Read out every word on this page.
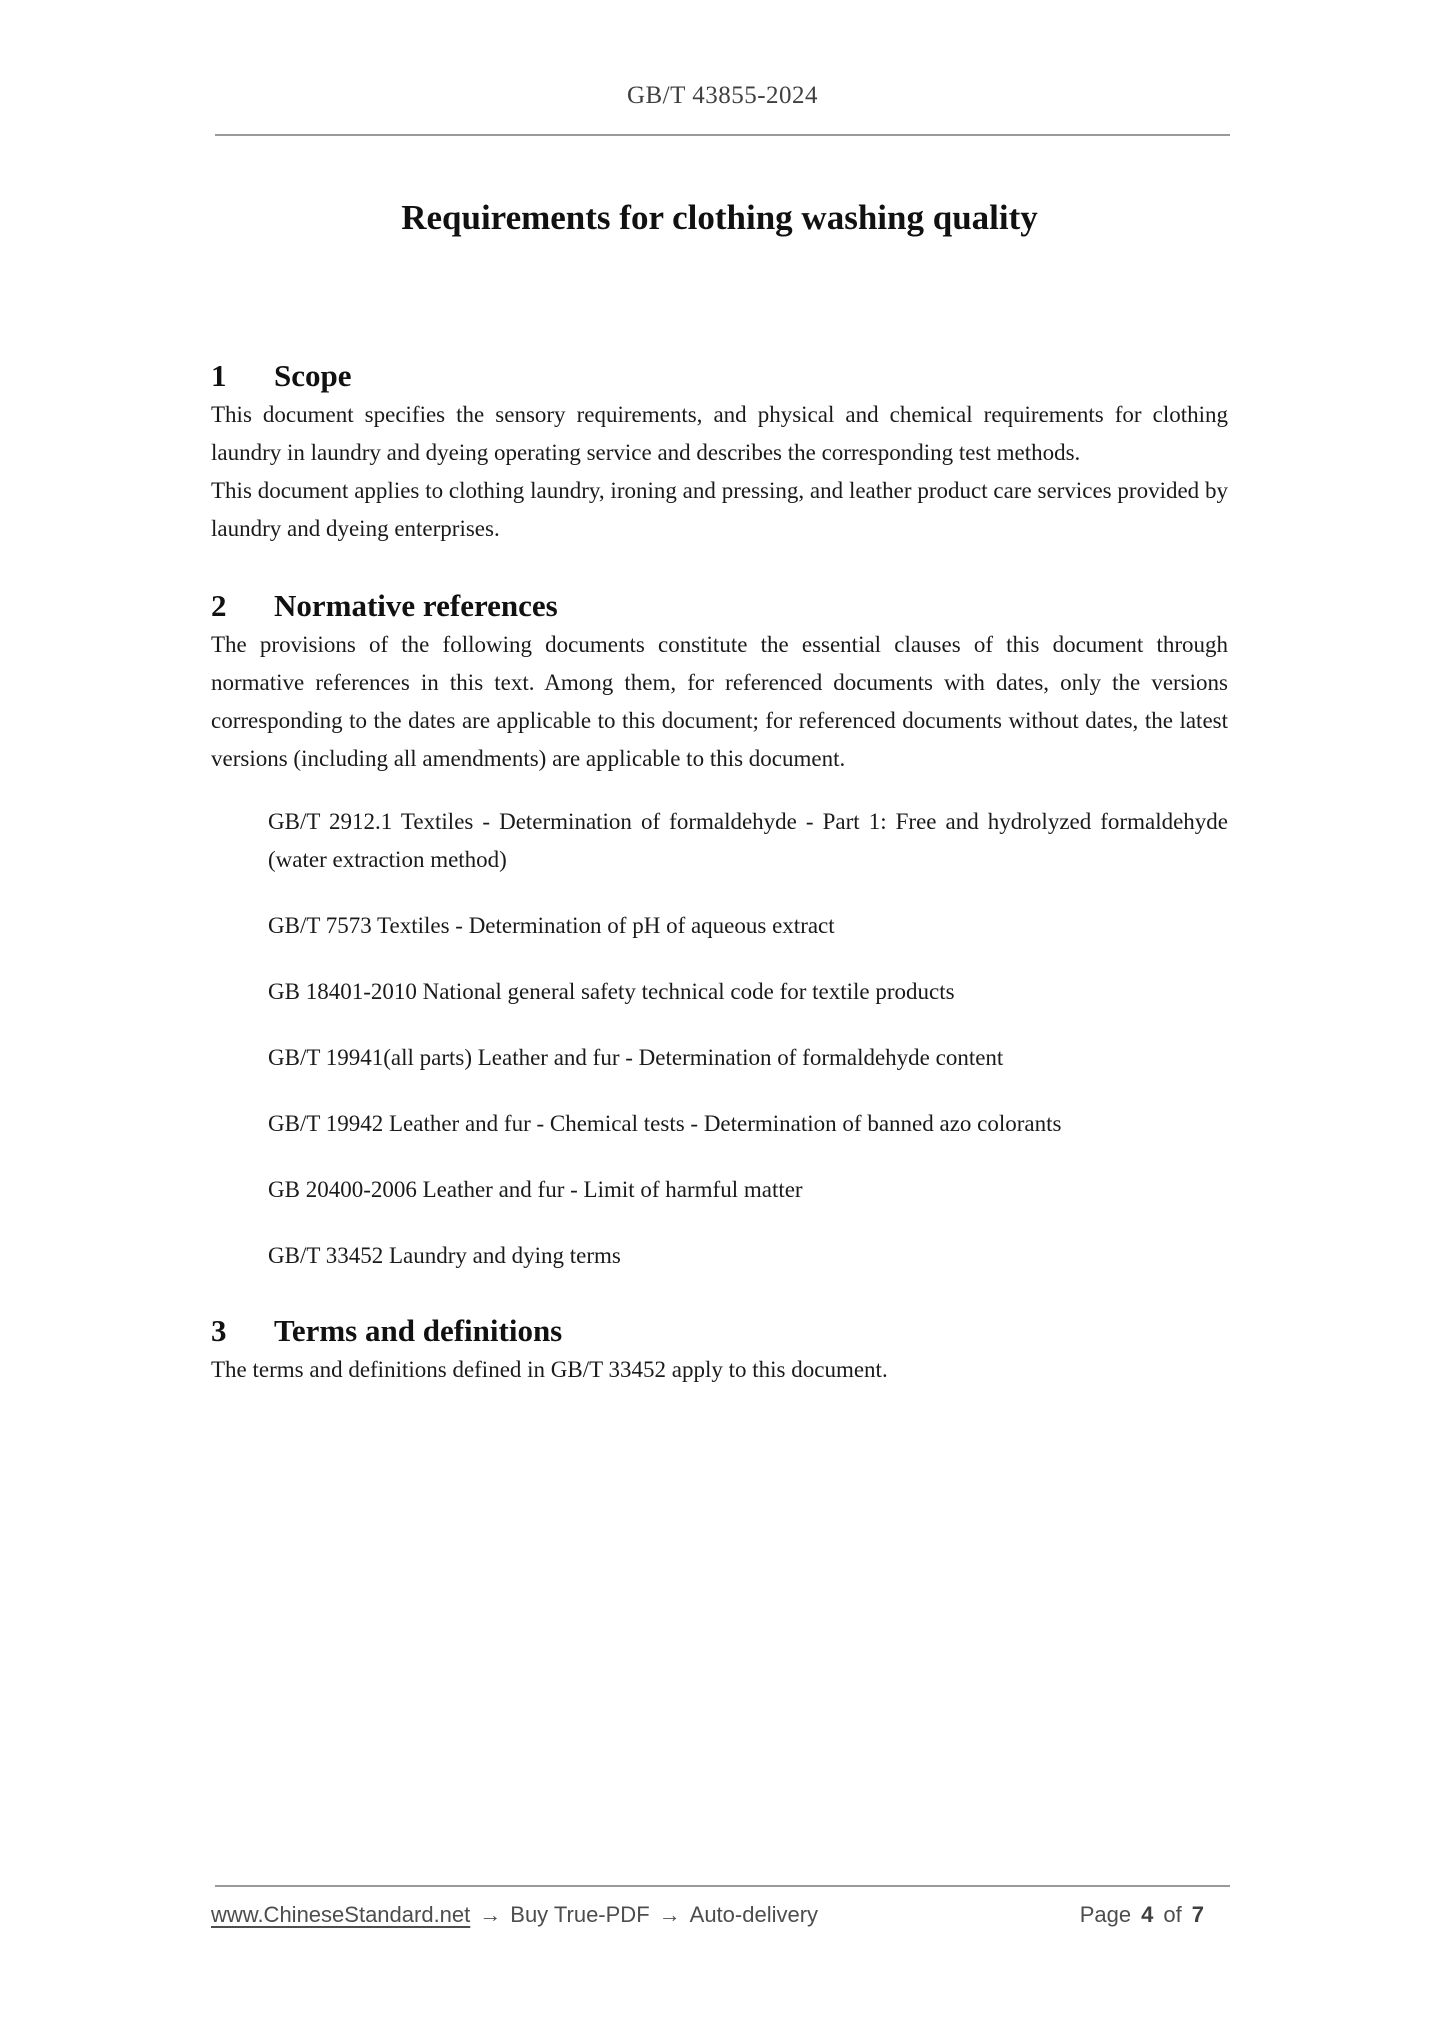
GB/T 43855-2024
Requirements for clothing washing quality
1	Scope

This document specifies the sensory requirements, and physical and chemical requirements for clothing laundry in laundry and dyeing operating service and describes the corresponding test methods.

This document applies to clothing laundry, ironing and pressing, and leather product care services provided by laundry and dyeing enterprises.

2	Normative references

The provisions of the following documents constitute the essential clauses of this document through normative references in this text. Among them, for referenced documents with dates, only the versions corresponding to the dates are applicable to this document; for referenced documents without dates, the latest versions (including all amendments) are applicable to this document.

GB/T 2912.1 Textiles - Determination of formaldehyde - Part 1: Free and hydrolyzed formaldehyde (water extraction method)

GB/T 7573 Textiles - Determination of pH of aqueous extract

GB 18401-2010 National general safety technical code for textile products

GB/T 19941(all parts) Leather and fur - Determination of formaldehyde content

GB/T 19942 Leather and fur - Chemical tests - Determination of banned azo colorants

GB 20400-2006 Leather and fur - Limit of harmful matter

GB/T 33452 Laundry and dying terms

3	Terms and definitions

The terms and definitions defined in GB/T 33452 apply to this document.

www.ChineseStandard.net → Buy True-PDF → Auto-delivery	Page 4 of 7
